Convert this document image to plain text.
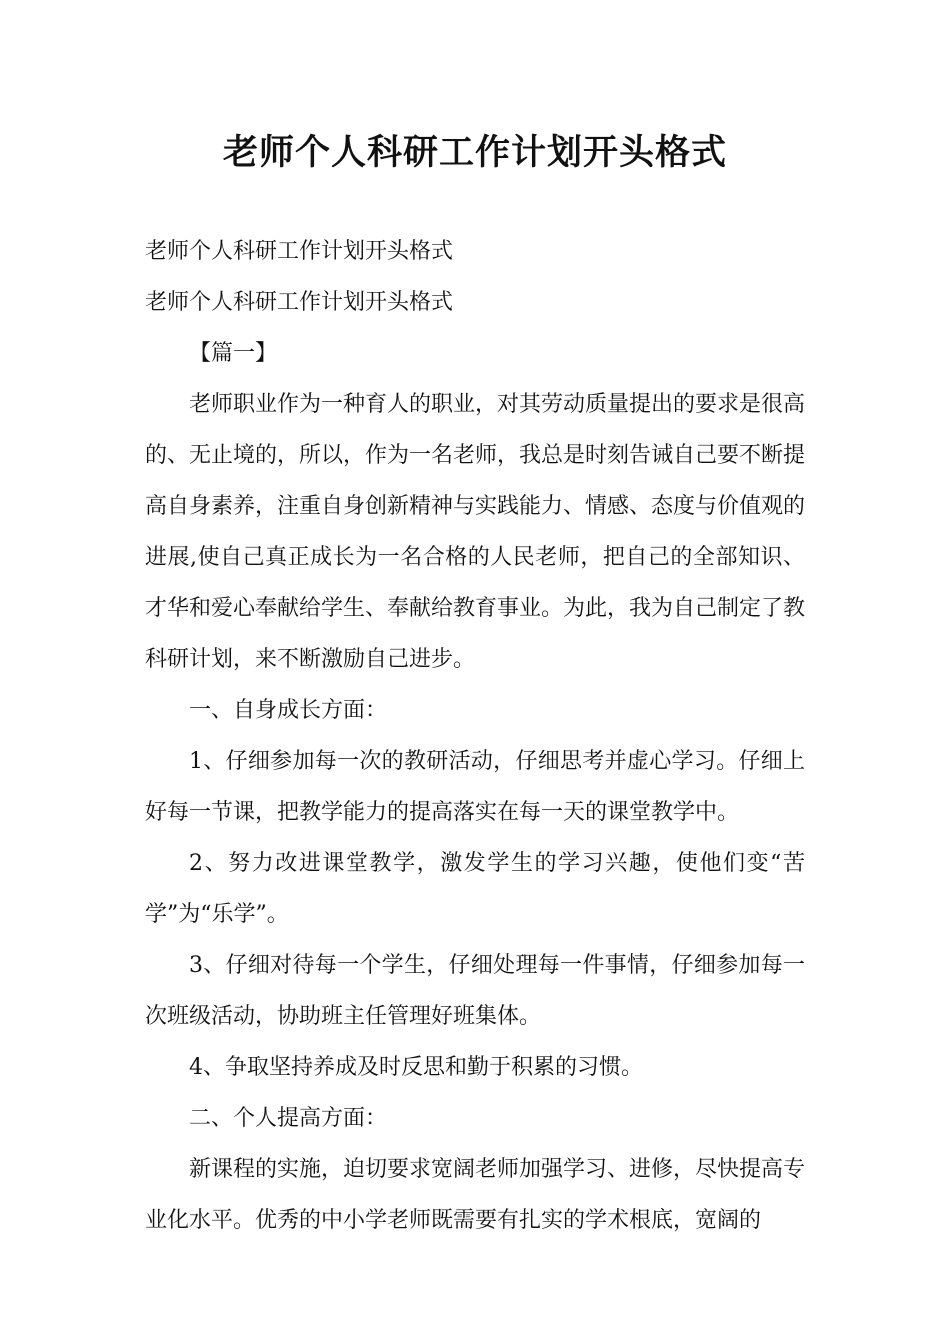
老师个人科研工作计划开头格式

老师个人科研工作计划开头格式

老师个人科研工作计划开头格式

【篇一】

老师职业作为一种育人的职业，对其劳动质量提出的要求是很高的、无止境的，所以，作为一名老师，我总是时刻告诫自己要不断提高自身素养，注重自身创新精神与实践能力、情感、态度与价值观的进展,使自己真正成长为一名合格的人民老师，把自己的全部知识、才华和爱心奉献给学生、奉献给教育事业。为此，我为自己制定了教科研计划，来不断激励自己进步。

一、自身成长方面：

1、仔细参加每一次的教研活动，仔细思考并虚心学习。仔细上好每一节课，把教学能力的提高落实在每一天的课堂教学中。

2、努力改进课堂教学，激发学生的学习兴趣，使他们变“苦学”为“乐学”。

3、仔细对待每一个学生，仔细处理每一件事情，仔细参加每一次班级活动，协助班主任管理好班集体。

4、争取坚持养成及时反思和勤于积累的习惯。

二、个人提高方面：

新课程的实施，迫切要求宽阔老师加强学习、进修，尽快提高专业化水平。优秀的中小学老师既需要有扎实的学术根底，宽阔的
